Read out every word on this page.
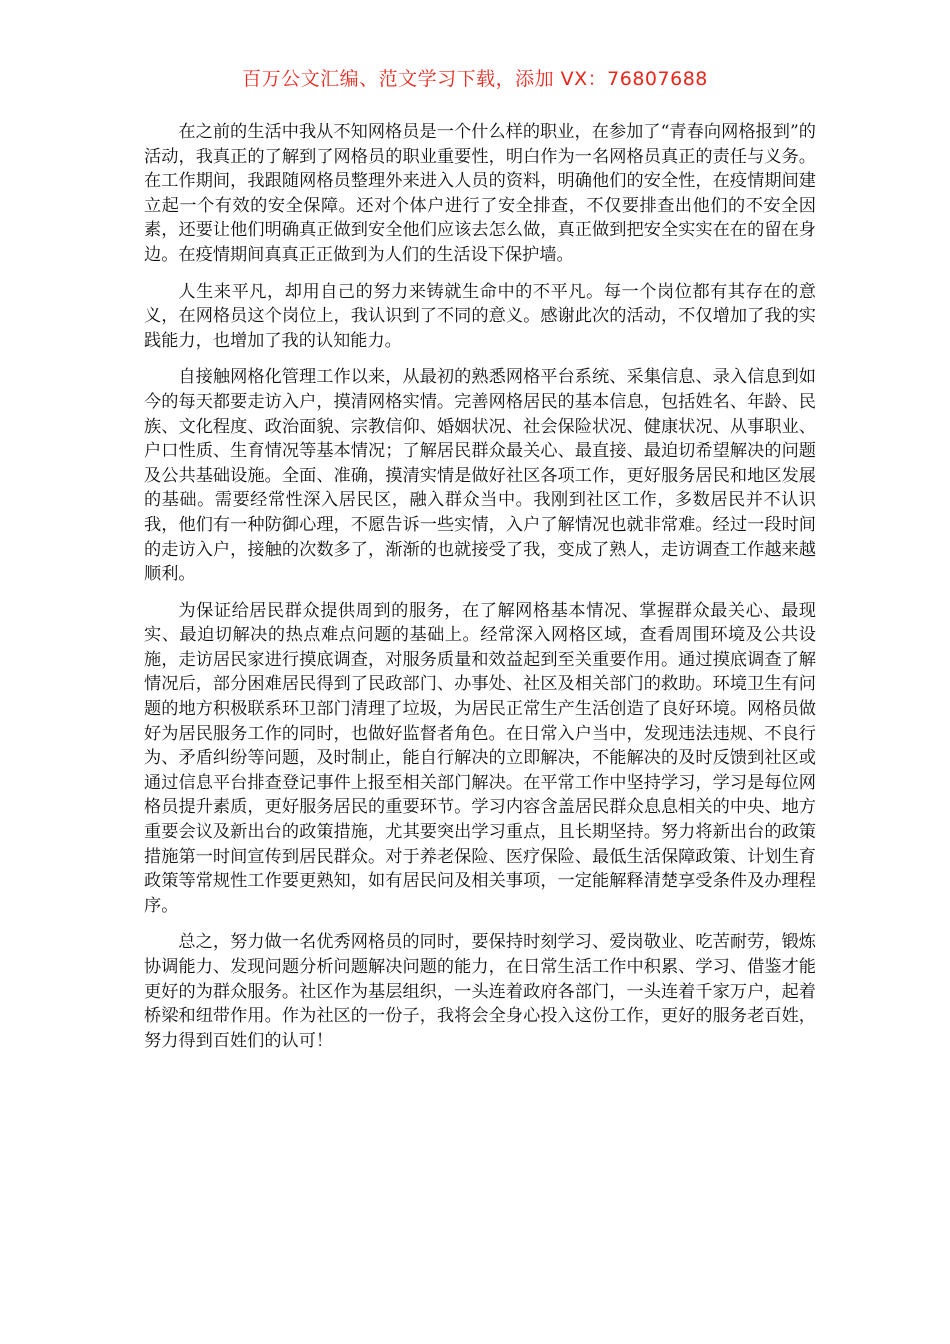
百万公文汇编、范文学习下载，添加 VX：76807688

在之前的生活中我从不知网格员是一个什么样的职业，在参加了“青春向网格报到”的活动，我真正的了解到了网格员的职业重要性，明白作为一名网格员真正的责任与义务。在工作期间，我跟随网格员整理外来进入人员的资料，明确他们的安全性，在疫情期间建立起一个有效的安全保障。还对个体户进行了安全排查，不仅要排查出他们的不安全因素，还要让他们明确真正做到安全他们应该去怎么做，真正做到把安全实实在在的留在身边。在疫情期间真真正正做到为人们的生活设下保护墙。

人生来平凡，却用自己的努力来铸就生命中的不平凡。每一个岗位都有其存在的意义，在网格员这个岗位上，我认识到了不同的意义。感谢此次的活动，不仅增加了我的实践能力，也增加了我的认知能力。

自接触网格化管理工作以来，从最初的熟悉网格平台系统、采集信息、录入信息到如今的每天都要走访入户，摸清网格实情。完善网格居民的基本信息，包括姓名、年龄、民族、文化程度、政治面貌、宗教信仰、婚姻状况、社会保险状况、健康状况、从事职业、户口性质、生育情况等基本情况；了解居民群众最关心、最直接、最迫切希望解决的问题及公共基础设施。全面、准确，摸清实情是做好社区各项工作，更好服务居民和地区发展的基础。需要经常性深入居民区，融入群众当中。我刚到社区工作，多数居民并不认识我，他们有一种防御心理，不愿告诉一些实情，入户了解情况也就非常难。经过一段时间的走访入户，接触的次数多了，渐渐的也就接受了我，变成了熟人，走访调查工作越来越顺利。

为保证给居民群众提供周到的服务，在了解网格基本情况、掌握群众最关心、最现实、最迫切解决的热点难点问题的基础上。经常深入网格区域，查看周围环境及公共设施，走访居民家进行摸底调查，对服务质量和效益起到至关重要作用。通过摸底调查了解情况后，部分困难居民得到了民政部门、办事处、社区及相关部门的救助。环境卫生有问题的地方积极联系环卫部门清理了垃圾，为居民正常生产生活创造了良好环境。网格员做好为居民服务工作的同时，也做好监督者角色。在日常入户当中，发现违法违规、不良行为、矛盾纠纷等问题，及时制止，能自行解决的立即解决，不能解决的及时反馈到社区或通过信息平台排查登记事件上报至相关部门解决。在平常工作中坚持学习，学习是每位网格员提升素质，更好服务居民的重要环节。学习内容含盖居民群众息息相关的中央、地方重要会议及新出台的政策措施，尤其要突出学习重点，且长期坚持。努力将新出台的政策措施第一时间宣传到居民群众。对于养老保险、医疗保险、最低生活保障政策、计划生育政策等常规性工作要更熟知，如有居民问及相关事项，一定能解释清楚享受条件及办理程序。

总之，努力做一名优秀网格员的同时，要保持时刻学习、爱岗敬业、吃苦耐劳，锻炼协调能力、发现问题分析问题解决问题的能力，在日常生活工作中积累、学习、借鉴才能更好的为群众服务。社区作为基层组织，一头连着政府各部门，一头连着千家万户，起着桥梁和纽带作用。作为社区的一份子，我将会全身心投入这份工作，更好的服务老百姓，努力得到百姓们的认可！
